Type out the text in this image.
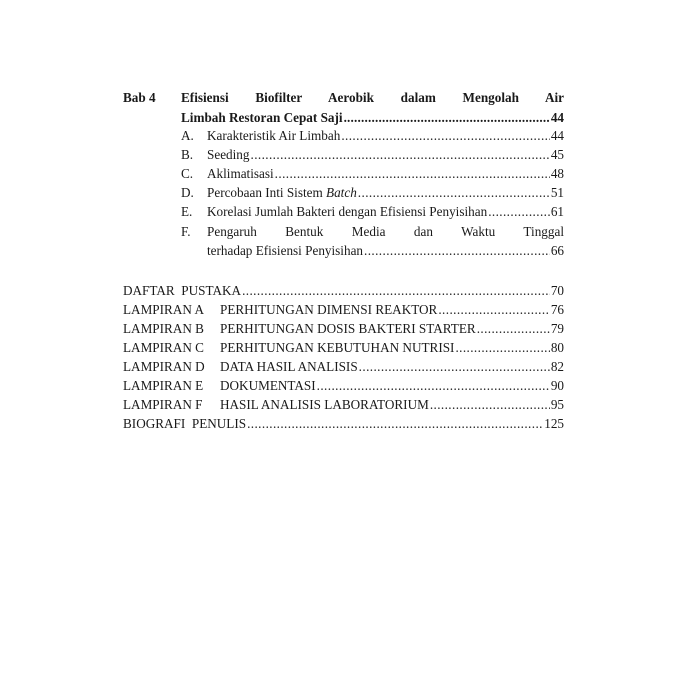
Bab 4	Efisiensi Biofilter Aerobik dalam Mengolah Air
Limbah Restoran Cepat Saji .....	44
A. Karakteristik Air Limbah .....	44
B.	Seeding .....	45
C.	Aklimatisasi .....	48
D. Percobaan Inti Sistem Batch .....	51
E.	Korelasi Jumlah Bakteri dengan Efisiensi Penyisihan .....	61
F.	Pengaruh Bentuk Media dan Waktu Tinggal
terhadap Efisiensi Penyisihan .....	66
DAFTAR  PUSTAKA .....	70
LAMPIRAN A	PERHITUNGAN DIMENSI REAKTOR .....	76
LAMPIRAN B	PERHITUNGAN DOSIS BAKTERI STARTER .....	79
LAMPIRAN C	PERHITUNGAN KEBUTUHAN NUTRISI .....	80
LAMPIRAN D	DATA HASIL ANALISIS .....	82
LAMPIRAN E	DOKUMENTASI .....	90
LAMPIRAN F	HASIL ANALISIS LABORATORIUM .....	95
BIOGRAFI  PENULIS .....	125
